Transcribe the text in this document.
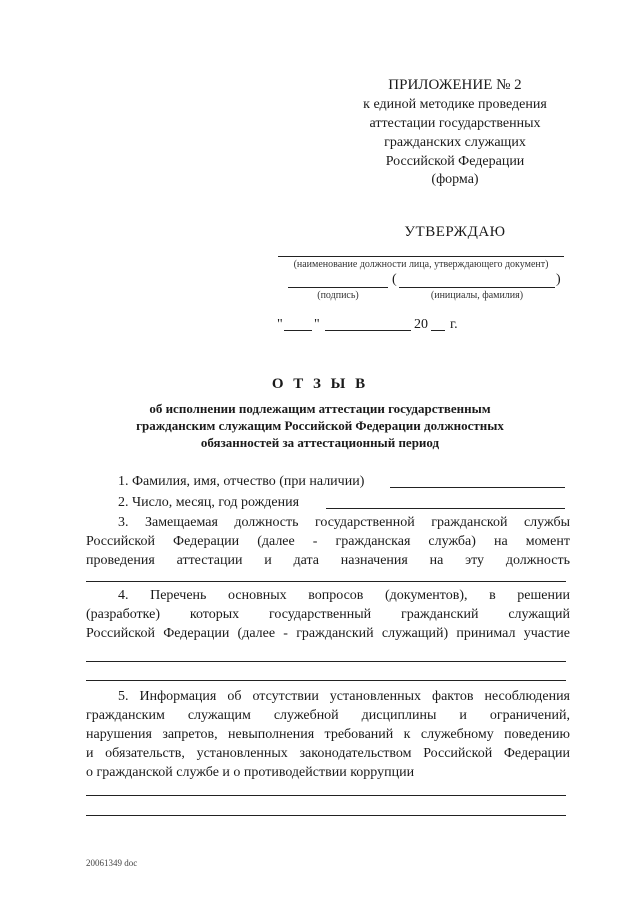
ПРИЛОЖЕНИЕ № 2
к единой методике проведения
аттестации государственных
гражданских служащих
Российской Федерации
(форма)
УТВЕРЖДАЮ
(наименование должности лица, утверждающего документ)
(	)
(подпись)	(инициалы, фамилия)
" "	20 г.
О Т З Ы В
об исполнении подлежащим аттестации государственным
гражданским служащим Российской Федерации должностных
обязанностей за аттестационный период
1. Фамилия, имя, отчество (при наличии)
2. Число, месяц, год рождения
3. Замещаемая должность государственной гражданской службы
Российской Федерации (далее - гражданская служба) на момент
проведения аттестации и дата назначения на эту должность
4. Перечень основных вопросов (документов), в решении
(разработке) которых государственный гражданский служащий
Российской Федерации (далее - гражданский служащий) принимал участие
5. Информация об отсутствии установленных фактов несоблюдения
гражданским служащим служебной дисциплины и ограничений,
нарушения запретов, невыполнения требований к служебному поведению
и обязательств, установленных законодательством Российской Федерации
о гражданской службе и о противодействии коррупции
20061349 doc
